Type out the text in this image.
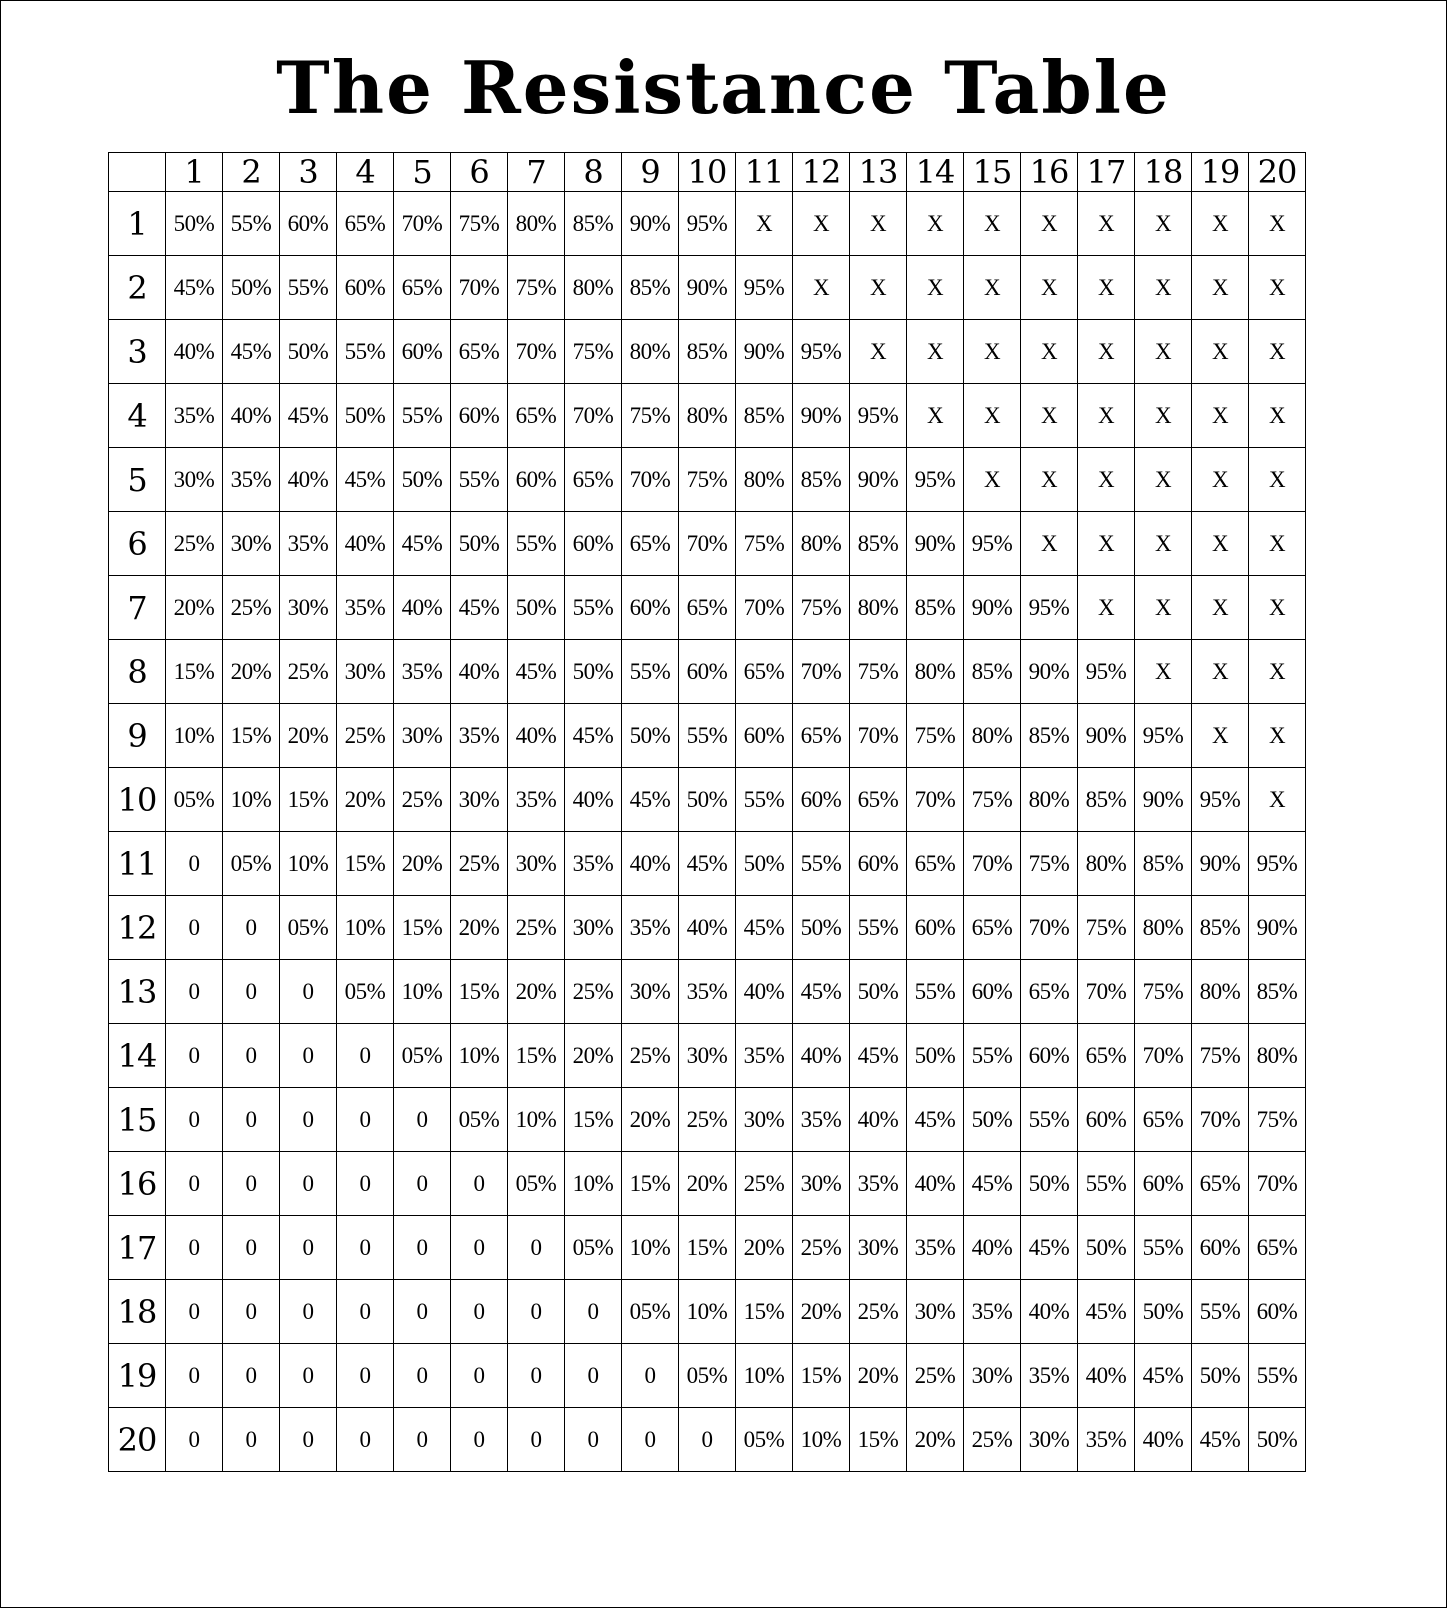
The Resistance Table
	1	2	3	4	5	6	7	8	9	10	11	12	13	14	15	16	17	18	19	20
1	50%	55%	60%	65%	70%	75%	80%	85%	90%	95%	X	X	X	X	X	X	X	X	X	X
2	45%	50%	55%	60%	65%	70%	75%	80%	85%	90%	95%	X	X	X	X	X	X	X	X	X
3	40%	45%	50%	55%	60%	65%	70%	75%	80%	85%	90%	95%	X	X	X	X	X	X	X	X
4	35%	40%	45%	50%	55%	60%	65%	70%	75%	80%	85%	90%	95%	X	X	X	X	X	X	X
5	30%	35%	40%	45%	50%	55%	60%	65%	70%	75%	80%	85%	90%	95%	X	X	X	X	X	X
6	25%	30%	35%	40%	45%	50%	55%	60%	65%	70%	75%	80%	85%	90%	95%	X	X	X	X	X
7	20%	25%	30%	35%	40%	45%	50%	55%	60%	65%	70%	75%	80%	85%	90%	95%	X	X	X	X
8	15%	20%	25%	30%	35%	40%	45%	50%	55%	60%	65%	70%	75%	80%	85%	90%	95%	X	X	X
9	10%	15%	20%	25%	30%	35%	40%	45%	50%	55%	60%	65%	70%	75%	80%	85%	90%	95%	X	X
10	05%	10%	15%	20%	25%	30%	35%	40%	45%	50%	55%	60%	65%	70%	75%	80%	85%	90%	95%	X
11	0	05%	10%	15%	20%	25%	30%	35%	40%	45%	50%	55%	60%	65%	70%	75%	80%	85%	90%	95%
12	0	0	05%	10%	15%	20%	25%	30%	35%	40%	45%	50%	55%	60%	65%	70%	75%	80%	85%	90%
13	0	0	0	05%	10%	15%	20%	25%	30%	35%	40%	45%	50%	55%	60%	65%	70%	75%	80%	85%
14	0	0	0	0	05%	10%	15%	20%	25%	30%	35%	40%	45%	50%	55%	60%	65%	70%	75%	80%
15	0	0	0	0	0	05%	10%	15%	20%	25%	30%	35%	40%	45%	50%	55%	60%	65%	70%	75%
16	0	0	0	0	0	0	05%	10%	15%	20%	25%	30%	35%	40%	45%	50%	55%	60%	65%	70%
17	0	0	0	0	0	0	0	05%	10%	15%	20%	25%	30%	35%	40%	45%	50%	55%	60%	65%
18	0	0	0	0	0	0	0	0	05%	10%	15%	20%	25%	30%	35%	40%	45%	50%	55%	60%
19	0	0	0	0	0	0	0	0	0	05%	10%	15%	20%	25%	30%	35%	40%	45%	50%	55%
20	0	0	0	0	0	0	0	0	0	0	05%	10%	15%	20%	25%	30%	35%	40%	45%	50%
